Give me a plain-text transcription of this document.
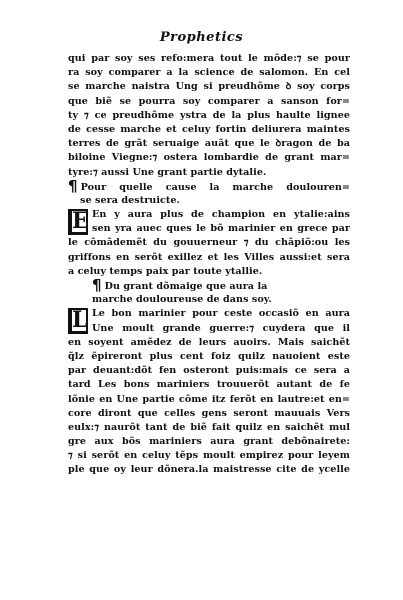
Prophetics
qui par soy ses refo:mera tout le mõde:⁊ se pour
ra soy comparer a la science de salomon. En cel
se marche naistra Ung si preudhõme ꝺ soy corps
que biẽ se pourra soy comparer a sanson for=
ty ⁊ ce preudhõme ystra de la plus haulte lignee
de cesse marche et celuy fortin deliurera maintes
terres de grãt seruaige auãt que le ꝺragon de ba
biloine Viegne:⁊ ostera lombardie de grant mar=
tyre:⁊ aussi Une grant partie dytalie.
¶ Pour quelle cause la marche doulouren=
se sera destruicte.
E En y aura plus de champion en ytalie:ains
sen yra auec ques le bõ marinier en grece par
le cõmãdemẽt du gouuerneur ⁊ du chãpiõ:ou les
griffons en serõt exillez et les Villes aussi:et sera
a celuy temps paix par toute ytallie.
¶ Du grant dõmaige que aura la
marche douloureuse de dans soy.
L Le bon marinier pour ceste occasiõ en aura
Une moult grande guerre:⁊ cuydera que il
en soyent amẽdez de leurs auoirs. Mais saichẽt
q̃lz ẽpireront plus cent foiz quilz nauoient este
par deuant:dõt fen osteront puis:mais ce sera a
tard Les bons mariniers trouuerõt autant de fe
lõnie en Une partie cõme itz ferõt en lautre:et en=
core diront que celles gens seront mauuais Vers
eulx:⁊ naurõt tant de biẽ fait quilz en saichẽt mul
gre aux bõs mariniers aura grant debõnairete:
⁊ si serõt en celuy tẽps moult empirez pour leyem
ple que oy leur dõnera.la maistresse cite de ycelle
